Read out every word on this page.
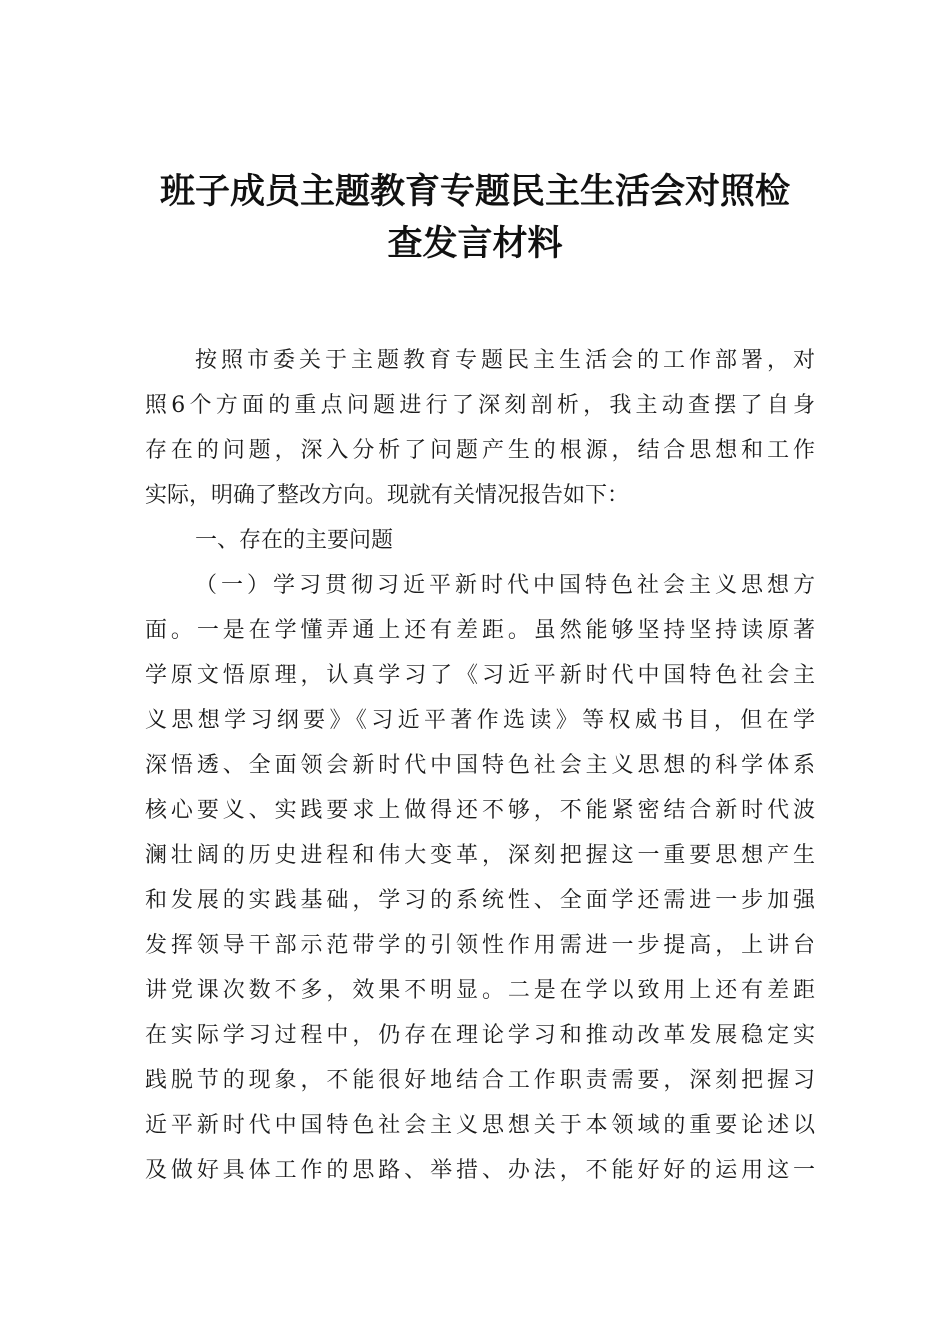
班子成员主题教育专题民主生活会对照检
查发言材料
按照市委关于主题教育专题民主生活会的工作部署，对
照6个方面的重点问题进行了深刻剖析，我主动查摆了自身
存在的问题，深入分析了问题产生的根源，结合思想和工作
实际，明确了整改方向。现就有关情况报告如下：
一、存在的主要问题
（一）学习贯彻习近平新时代中国特色社会主义思想方
面。一是在学懂弄通上还有差距。虽然能够坚持坚持读原著
学原文悟原理，认真学习了《习近平新时代中国特色社会主
义思想学习纲要》《习近平著作选读》等权威书目，但在学
深悟透、全面领会新时代中国特色社会主义思想的科学体系
核心要义、实践要求上做得还不够，不能紧密结合新时代波
澜壮阔的历史进程和伟大变革，深刻把握这一重要思想产生
和发展的实践基础，学习的系统性、全面学还需进一步加强
发挥领导干部示范带学的引领性作用需进一步提高，上讲台
讲党课次数不多，效果不明显。二是在学以致用上还有差距
在实际学习过程中，仍存在理论学习和推动改革发展稳定实
践脱节的现象，不能很好地结合工作职责需要，深刻把握习
近平新时代中国特色社会主义思想关于本领域的重要论述以
及做好具体工作的思路、举措、办法，不能好好的运用这一
